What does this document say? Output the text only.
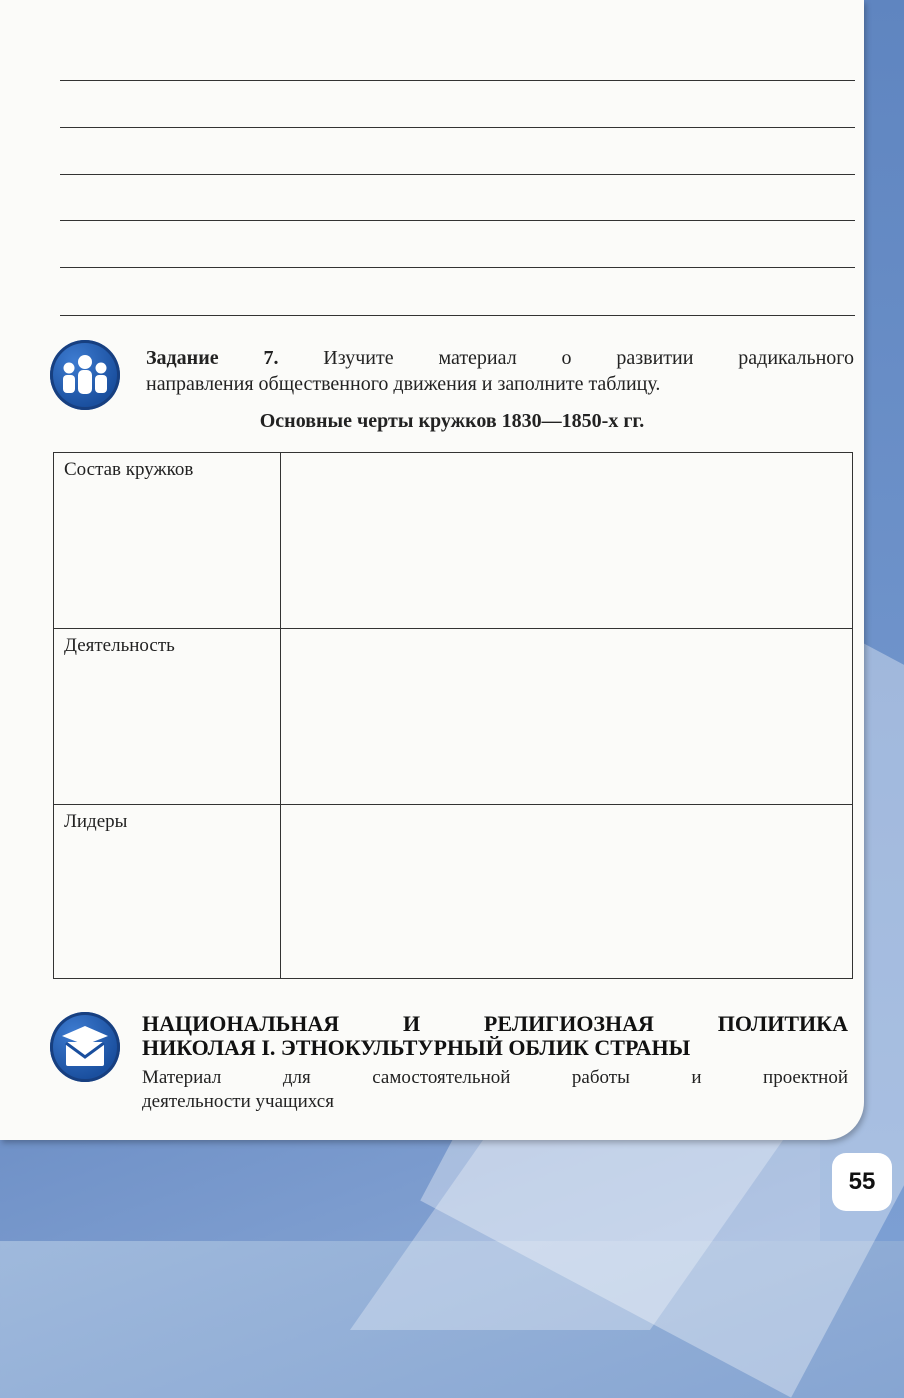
Задание 7. Изучите материал о развитии радикального
направления общественного движения и заполните таблицу.
Основные черты кружков 1830—1850-х гг.
Состав кружков	
Деятельность	
Лидеры	
НАЦИОНАЛЬНАЯ И РЕЛИГИОЗНАЯ ПОЛИТИКА
НИКОЛАЯ I. ЭТНОКУЛЬТУРНЫЙ ОБЛИК СТРАНЫ
Материал для самостоятельной работы и проектной
деятельности учащихся
55
